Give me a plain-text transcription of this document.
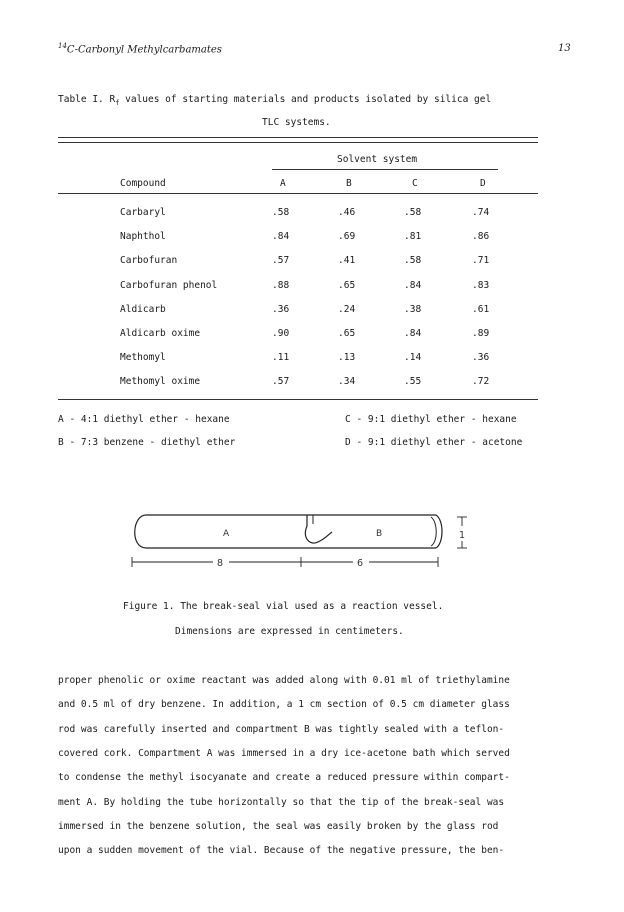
$^{14}$C-Carbonyl Methylcarbamates	13
Table I. $R_f$ values of starting materials and products isolated by silica gel
TLC systems.
Solvent system
Compound	A	B	C	D
Carbaryl	.58	.46	.58	.74
Naphthol	.84	.69	.81	.86
Carbofuran	.57	.41	.58	.71
Carbofuran phenol	.88	.65	.84	.83
Aldicarb	.36	.24	.38	.61
Aldicarb oxime	.90	.65	.84	.89
Methomyl	.11	.13	.14	.36
Methomyl oxime	.57	.34	.55	.72
A - 4:1 diethyl ether - hexane	C - 9:1 diethyl ether - hexane
B - 7:3 benzene - diethyl ether	D - 9:1 diethyl ether - acetone
A	B
8	6
1
Figure 1. The break-seal vial used as a reaction vessel.
Dimensions are expressed in centimeters.
proper phenolic or oxime reactant was added along with 0.01 ml of triethylamine
and 0.5 ml of dry benzene. In addition, a 1 cm section of 0.5 cm diameter glass
rod was carefully inserted and compartment B was tightly sealed with a teflon-
covered cork. Compartment A was immersed in a dry ice-acetone bath which served
to condense the methyl isocyanate and create a reduced pressure within compart-
ment A. By holding the tube horizontally so that the tip of the break-seal was
immersed in the benzene solution, the seal was easily broken by the glass rod
upon a sudden movement of the vial. Because of the negative pressure, the ben-
